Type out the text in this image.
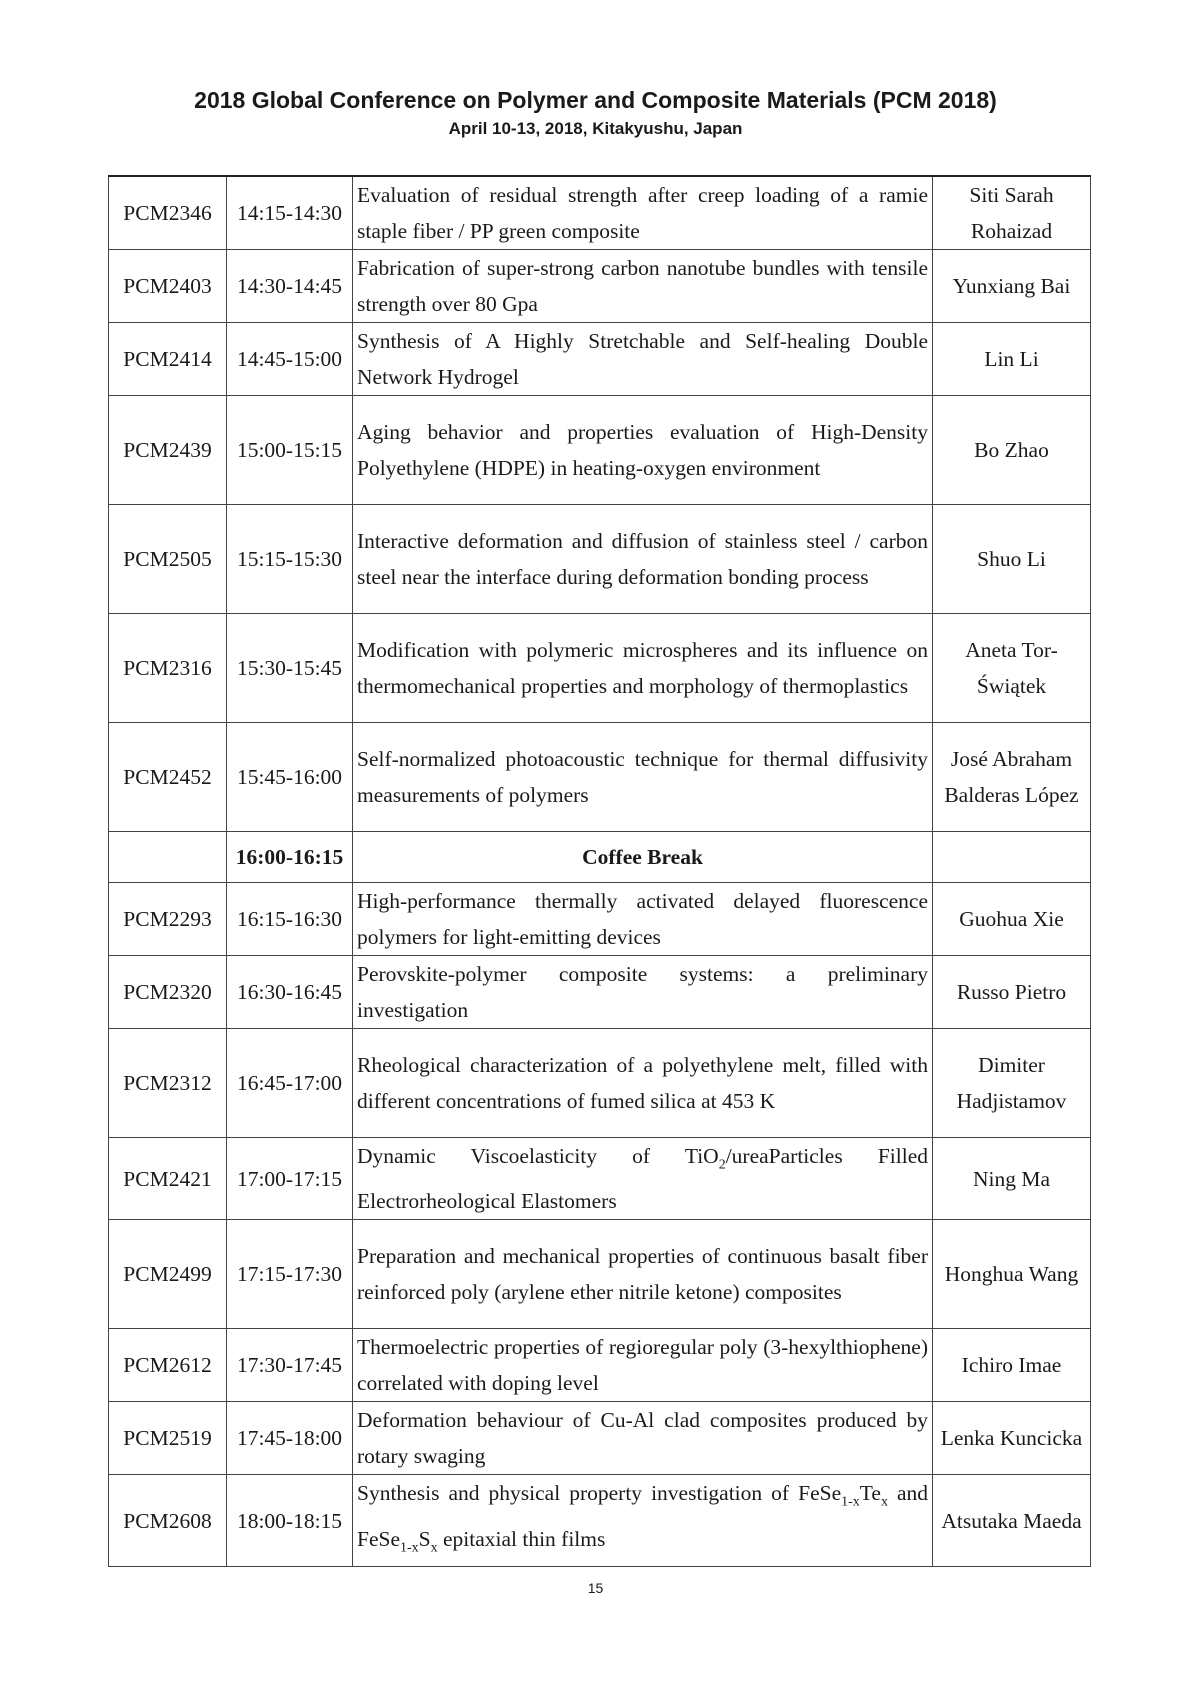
2018 Global Conference on Polymer and Composite Materials (PCM 2018)

April 10-13, 2018, Kitakyushu, Japan

PCM2346	14:15-14:30	Evaluation of residual strength after creep loading of a ramie staple fiber / PP green composite	Siti Sarah Rohaizad
PCM2403	14:30-14:45	Fabrication of super-strong carbon nanotube bundles with tensile strength over 80 Gpa	Yunxiang Bai
PCM2414	14:45-15:00	Synthesis of A Highly Stretchable and Self-healing Double Network Hydrogel	Lin Li
PCM2439	15:00-15:15	Aging behavior and properties evaluation of High-Density Polyethylene (HDPE) in heating-oxygen environment	Bo Zhao
PCM2505	15:15-15:30	Interactive deformation and diffusion of stainless steel / carbon steel near the interface during deformation bonding process	Shuo Li
PCM2316	15:30-15:45	Modification with polymeric microspheres and its influence on thermomechanical properties and morphology of thermoplastics	Aneta Tor-Świątek
PCM2452	15:45-16:00	Self-normalized photoacoustic technique for thermal diffusivity measurements of polymers	José Abraham Balderas López
	16:00-16:15	Coffee Break	
PCM2293	16:15-16:30	High-performance thermally activated delayed fluorescence polymers for light-emitting devices	Guohua Xie
PCM2320	16:30-16:45	Perovskite-polymer composite systems: a preliminary investigation	Russo Pietro
PCM2312	16:45-17:00	Rheological characterization of a polyethylene melt, filled with different concentrations of fumed silica at 453 K	Dimiter Hadjistamov
PCM2421	17:00-17:15	Dynamic Viscoelasticity of TiO$_2$/ureaParticles Filled Electrorheological Elastomers	Ning Ma
PCM2499	17:15-17:30	Preparation and mechanical properties of continuous basalt fiber reinforced poly (arylene ether nitrile ketone) composites	Honghua Wang
PCM2612	17:30-17:45	Thermoelectric properties of regioregular poly (3-hexylthiophene) correlated with doping level	Ichiro Imae
PCM2519	17:45-18:00	Deformation behaviour of Cu-Al clad composites produced by rotary swaging	Lenka Kuncicka
PCM2608	18:00-18:15	Synthesis and physical property investigation of $FeSe_{1-x}Te_x$ and $FeSe_{1-x}S_x$ epitaxial thin films	Atsutaka Maeda
15
